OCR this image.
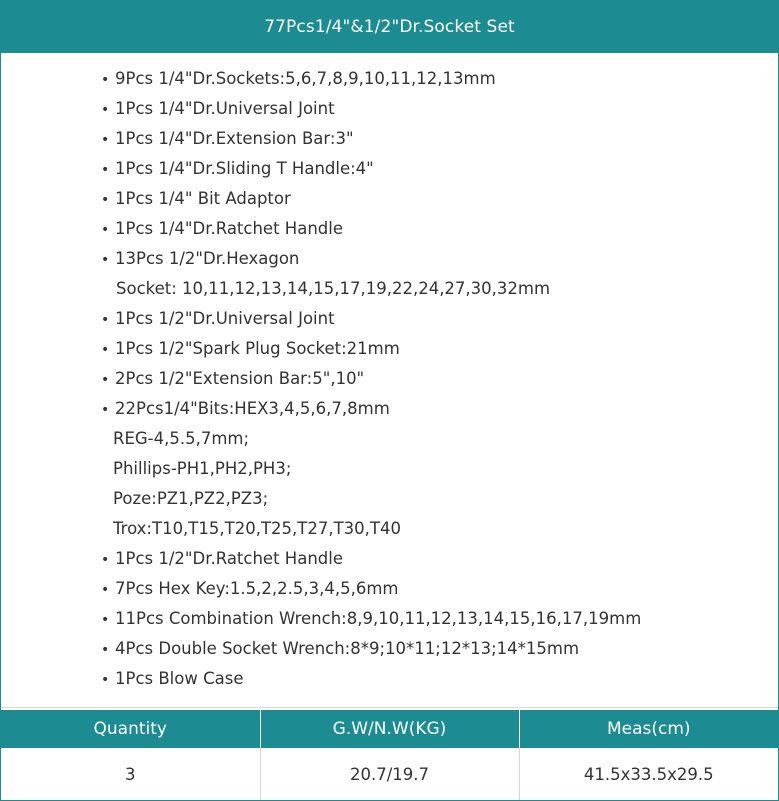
77Pcs1/4"&1/2"Dr.Socket Set
• 9Pcs 1/4"Dr.Sockets:5,6,7,8,9,10,11,12,13mm
• 1Pcs 1/4"Dr.Universal Joint
• 1Pcs 1/4"Dr.Extension Bar:3"
• 1Pcs 1/4"Dr.Sliding T Handle:4"
• 1Pcs 1/4" Bit Adaptor
• 1Pcs 1/4"Dr.Ratchet Handle
• 13Pcs 1/2"Dr.Hexagon
Socket: 10,11,12,13,14,15,17,19,22,24,27,30,32mm
• 1Pcs 1/2"Dr.Universal Joint
• 1Pcs 1/2"Spark Plug Socket:21mm
• 2Pcs 1/2"Extension Bar:5",10"
• 22Pcs1/4"Bits:HEX3,4,5,6,7,8mm
REG-4,5.5,7mm;
Phillips-PH1,PH2,PH3;
Poze:PZ1,PZ2,PZ3;
Trox:T10,T15,T20,T25,T27,T30,T40
• 1Pcs 1/2"Dr.Ratchet Handle
• 7Pcs Hex Key:1.5,2,2.5,3,4,5,6mm
• 11Pcs Combination Wrench:8,9,10,11,12,13,14,15,16,17,19mm
• 4Pcs Double Socket Wrench:8*9;10*11;12*13;14*15mm
• 1Pcs Blow Case
Quantity	G.W/N.W(KG)	Meas(cm)
3	20.7/19.7	41.5x33.5x29.5
